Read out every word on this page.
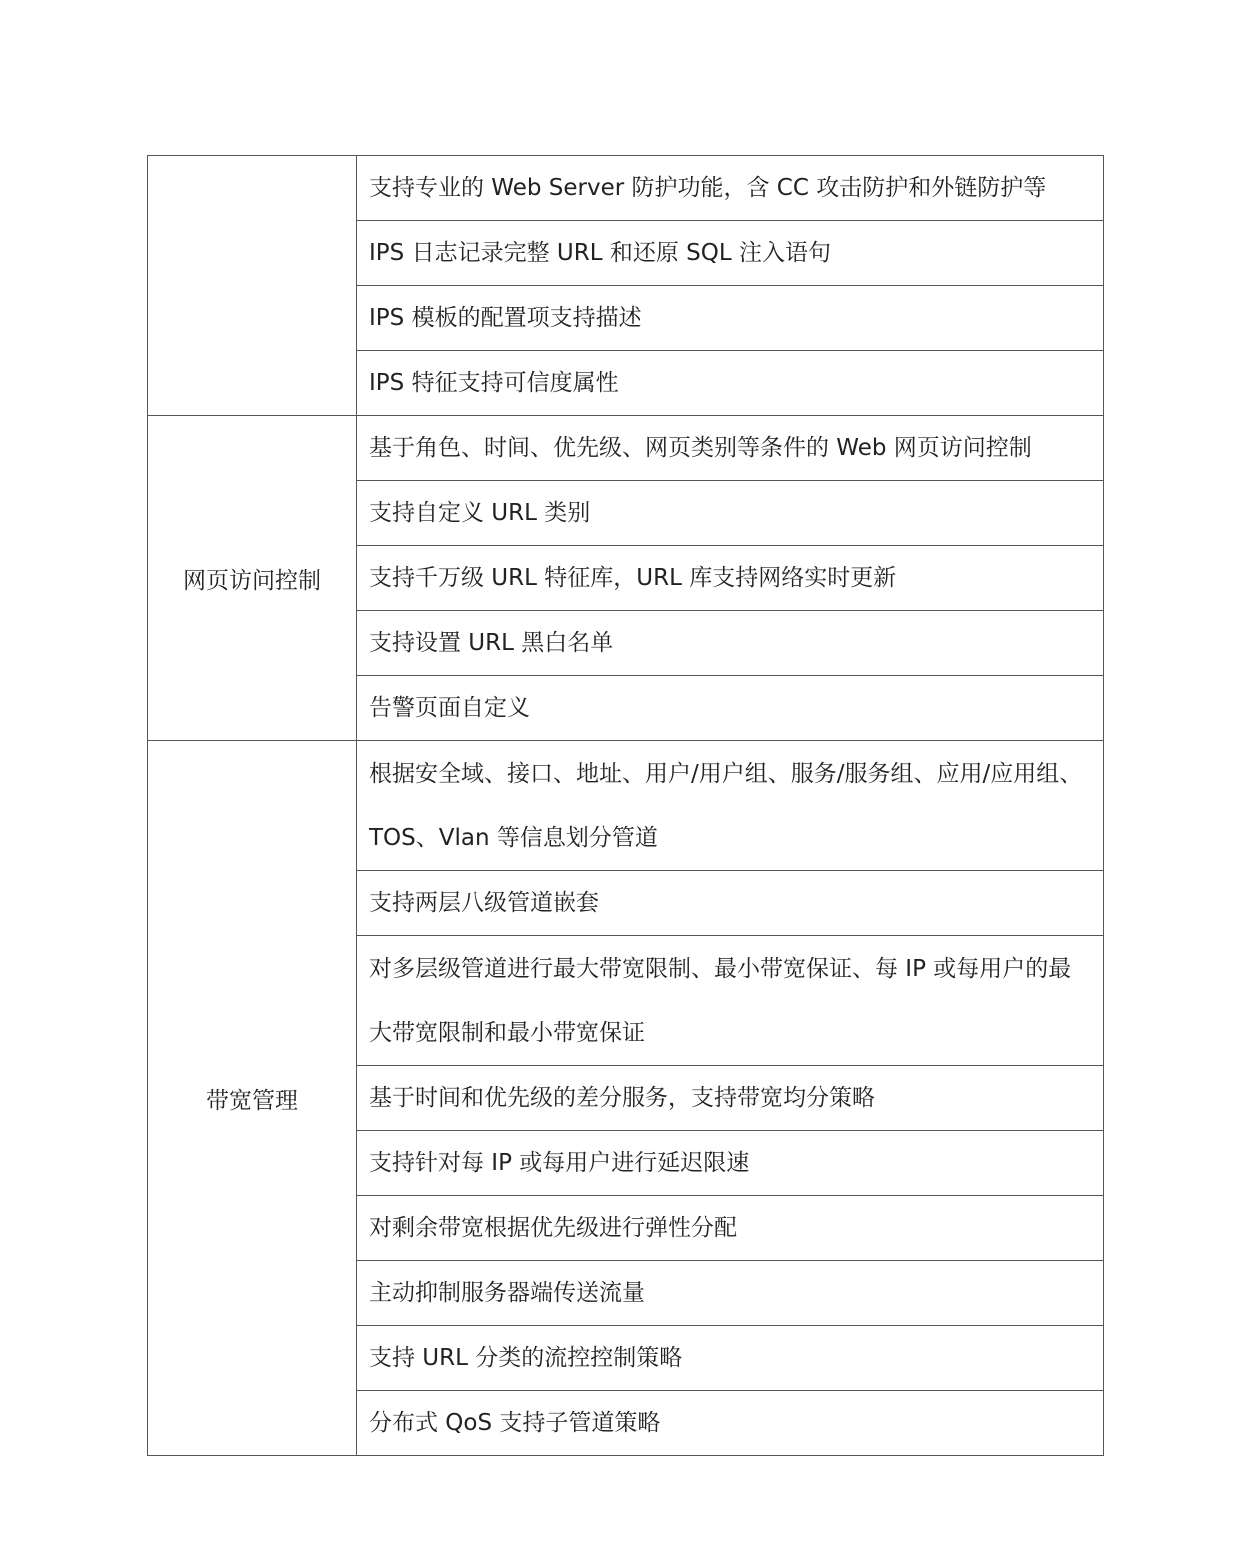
	支持专业的 Web Server 防护功能，含 CC 攻击防护和外链防护等
	IPS 日志记录完整 URL 和还原 SQL 注入语句
	IPS 模板的配置项支持描述
	IPS 特征支持可信度属性
网页访问控制	基于角色、时间、优先级、网页类别等条件的 Web 网页访问控制
	支持自定义 URL 类别
	支持千万级 URL 特征库，URL 库支持网络实时更新
	支持设置 URL 黑白名单
	告警页面自定义
带宽管理	根据安全域、接口、地址、用户/用户组、服务/服务组、应用/应用组、TOS、Vlan 等信息划分管道
	支持两层八级管道嵌套
	对多层级管道进行最大带宽限制、最小带宽保证、每 IP 或每用户的最大带宽限制和最小带宽保证
	基于时间和优先级的差分服务，支持带宽均分策略
	支持针对每 IP 或每用户进行延迟限速
	对剩余带宽根据优先级进行弹性分配
	主动抑制服务器端传送流量
	支持 URL 分类的流控控制策略
	分布式 QoS 支持子管道策略
